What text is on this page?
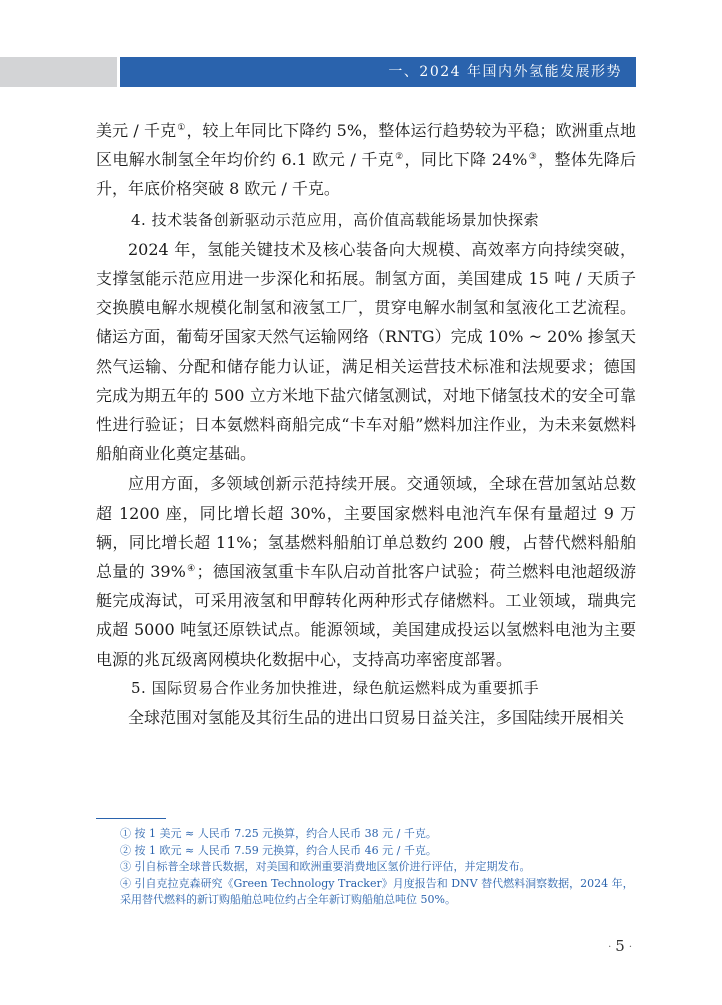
一、2024 年国内外氢能发展形势

美元 / 千克①，较上年同比下降约 5%，整体运行趋势较为平稳；欧洲重点地区电解水制氢全年均价约 6.1 欧元 / 千克②，同比下降 24%③，整体先降后升，年底价格突破 8 欧元 / 千克。

4. 技术装备创新驱动示范应用，高价值高载能场景加快探索

2024 年，氢能关键技术及核心装备向大规模、高效率方向持续突破，支撑氢能示范应用进一步深化和拓展。制氢方面，美国建成 15 吨 / 天质子交换膜电解水规模化制氢和液氢工厂，贯穿电解水制氢和氢液化工艺流程。储运方面，葡萄牙国家天然气运输网络（RNTG）完成 10% ~ 20% 掺氢天然气运输、分配和储存能力认证，满足相关运营技术标准和法规要求；德国完成为期五年的 500 立方米地下盐穴储氢测试，对地下储氢技术的安全可靠性进行验证；日本氨燃料商船完成“卡车对船”燃料加注作业，为未来氨燃料船舶商业化奠定基础。

应用方面，多领域创新示范持续开展。交通领域，全球在营加氢站总数超 1200 座，同比增长超 30%，主要国家燃料电池汽车保有量超过 9 万辆，同比增长超 11%；氢基燃料船舶订单总数约 200 艘，占替代燃料船舶总量的 39%④；德国液氢重卡车队启动首批客户试验；荷兰燃料电池超级游艇完成海试，可采用液氢和甲醇转化两种形式存储燃料。工业领域，瑞典完成超 5000 吨氢还原铁试点。能源领域，美国建成投运以氢燃料电池为主要电源的兆瓦级离网模块化数据中心，支持高功率密度部署。

5. 国际贸易合作业务加快推进，绿色航运燃料成为重要抓手

全球范围对氢能及其衍生品的进出口贸易日益关注，多国陆续开展相关

① 按 1 美元 ≈ 人民币 7.25 元换算，约合人民币 38 元 / 千克。

② 按 1 欧元 ≈ 人民币 7.59 元换算，约合人民币 46 元 / 千克。

③ 引自标普全球普氏数据，对美国和欧洲重要消费地区氢价进行评估，并定期发布。

④ 引自克拉克森研究《Green Technology Tracker》月度报告和 DNV 替代燃料洞察数据，2024 年，采用替代燃料的新订购船舶总吨位约占全年新订购船舶总吨位 50%。

· 5 ·
